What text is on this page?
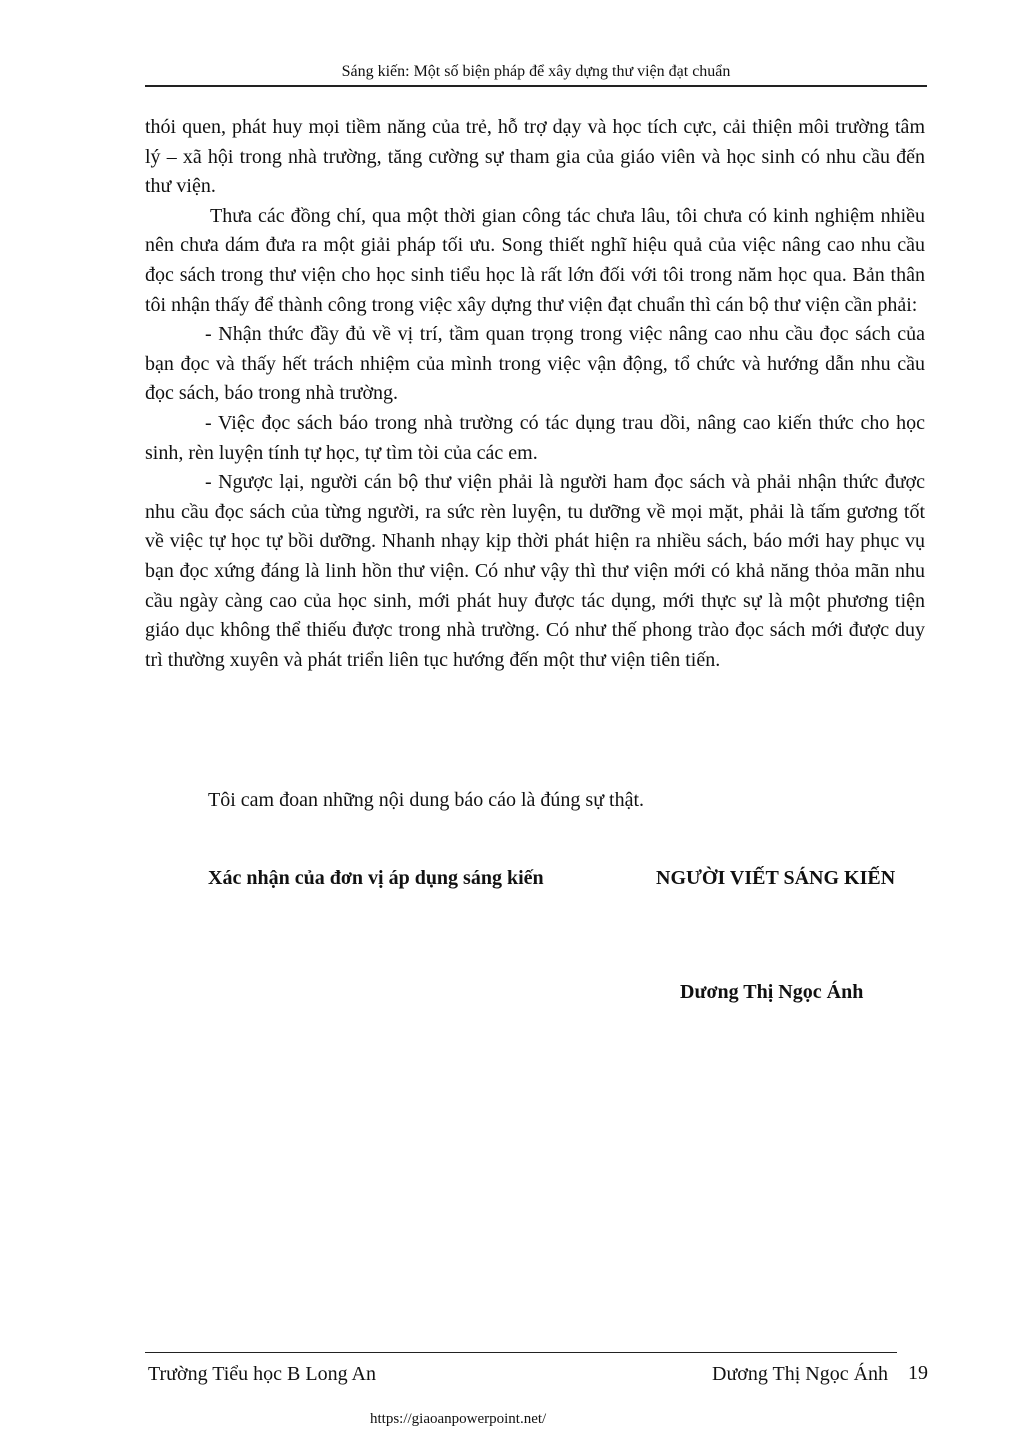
Sáng kiến: Một số biện pháp để xây dựng thư viện đạt chuẩn

thói quen, phát huy mọi tiềm năng của trẻ, hỗ trợ dạy và học tích cực, cải thiện môi trường tâm lý – xã hội trong nhà trường, tăng cường sự tham gia của giáo viên và học sinh có nhu cầu đến thư viện.

Thưa các đồng chí, qua một thời gian công tác chưa lâu, tôi chưa có kinh nghiệm nhiều nên chưa dám đưa ra một giải pháp tối ưu. Song thiết nghĩ hiệu quả của việc nâng cao nhu cầu đọc sách trong thư viện cho học sinh tiểu học là rất lớn đối với tôi trong năm học qua. Bản thân tôi nhận thấy để thành công trong việc xây dựng thư viện đạt chuẩn thì cán bộ thư viện cần phải:

- Nhận thức đầy đủ về vị trí, tầm quan trọng trong việc nâng cao nhu cầu đọc sách của bạn đọc và thấy hết trách nhiệm của mình trong việc vận động, tổ chức và hướng dẫn nhu cầu đọc sách, báo trong nhà trường.

- Việc đọc sách báo trong nhà trường có tác dụng trau dồi, nâng cao kiến thức cho học sinh, rèn luyện tính tự học, tự tìm tòi của các em.

- Ngược lại, người cán bộ thư viện phải là người ham đọc sách và phải nhận thức được nhu cầu đọc sách của từng người, ra sức rèn luyện, tu dưỡng về mọi mặt, phải là tấm gương tốt về việc tự học tự bồi dưỡng. Nhanh nhạy kịp thời phát hiện ra nhiều sách, báo mới hay phục vụ bạn đọc xứng đáng là linh hồn thư viện. Có như vậy thì thư viện mới có khả năng thỏa mãn nhu cầu ngày càng cao của học sinh, mới phát huy được tác dụng, mới thực sự là một phương tiện giáo dục không thể thiếu được trong nhà trường. Có như thế phong trào đọc sách mới được duy trì thường xuyên và phát triển liên tục hướng đến một thư viện tiên tiến.

Tôi cam đoan những nội dung báo cáo là đúng sự thật.
Xác nhận của đơn vị áp dụng sáng kiến	NGƯỜI VIẾT SÁNG KIẾN
Dương Thị Ngọc Ánh
Trường Tiểu học B Long An	Dương Thị Ngọc Ánh 19
https://giaoanpowerpoint.net/
